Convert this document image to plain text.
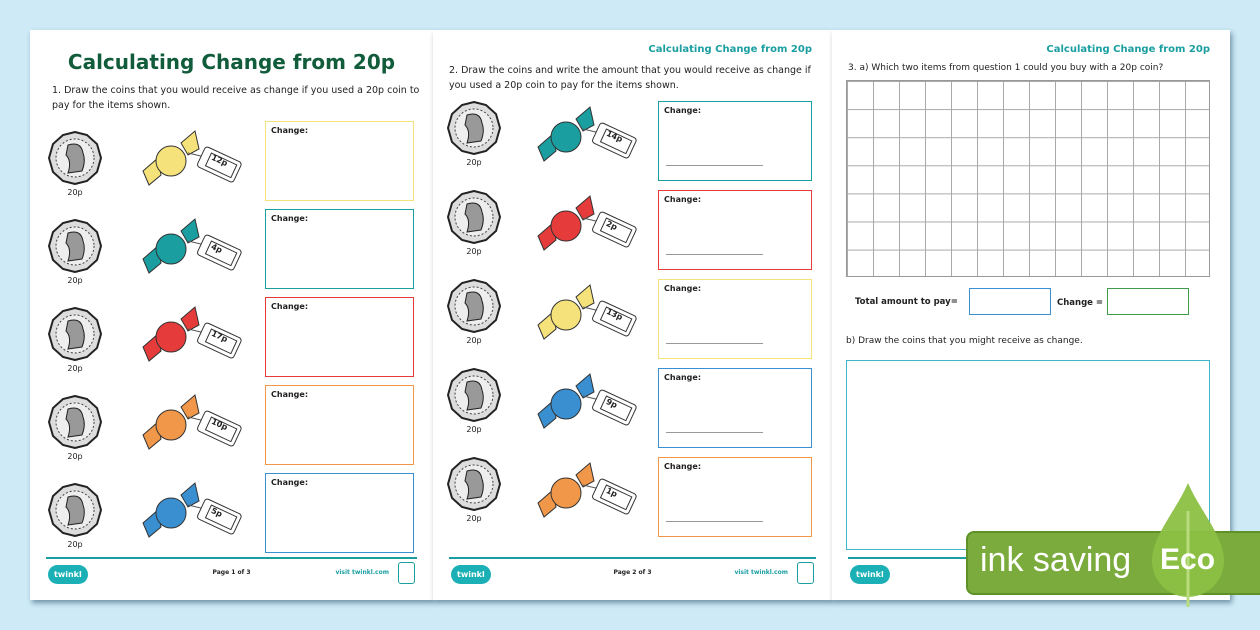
Calculating Change from 20p
1. Draw the coins that you would receive as change if you used a 20p coin to pay for the items shown.
20p
12p
Change:
20p
4p
Change:
20p
17p
Change:
20p
10p
Change:
20p
5p
Change:
twinkl	Page 1 of 3	visit twinkl.com
Calculating Change from 20p
2. Draw the coins and write the amount that you would receive as change if you used a 20p coin to pay for the items shown.
20p
14p
Change:
20p
2p
Change:
20p
13p
Change:
20p
9p
Change:
20p
1p
Change:
twinkl	Page 2 of 3	visit twinkl.com
Calculating Change from 20p
3. a) Which two items from question 1 could you buy with a 20p coin?
Total amount to pay=	Change =
b) Draw the coins that you might receive as change.
twinkl	ink saving Eco
